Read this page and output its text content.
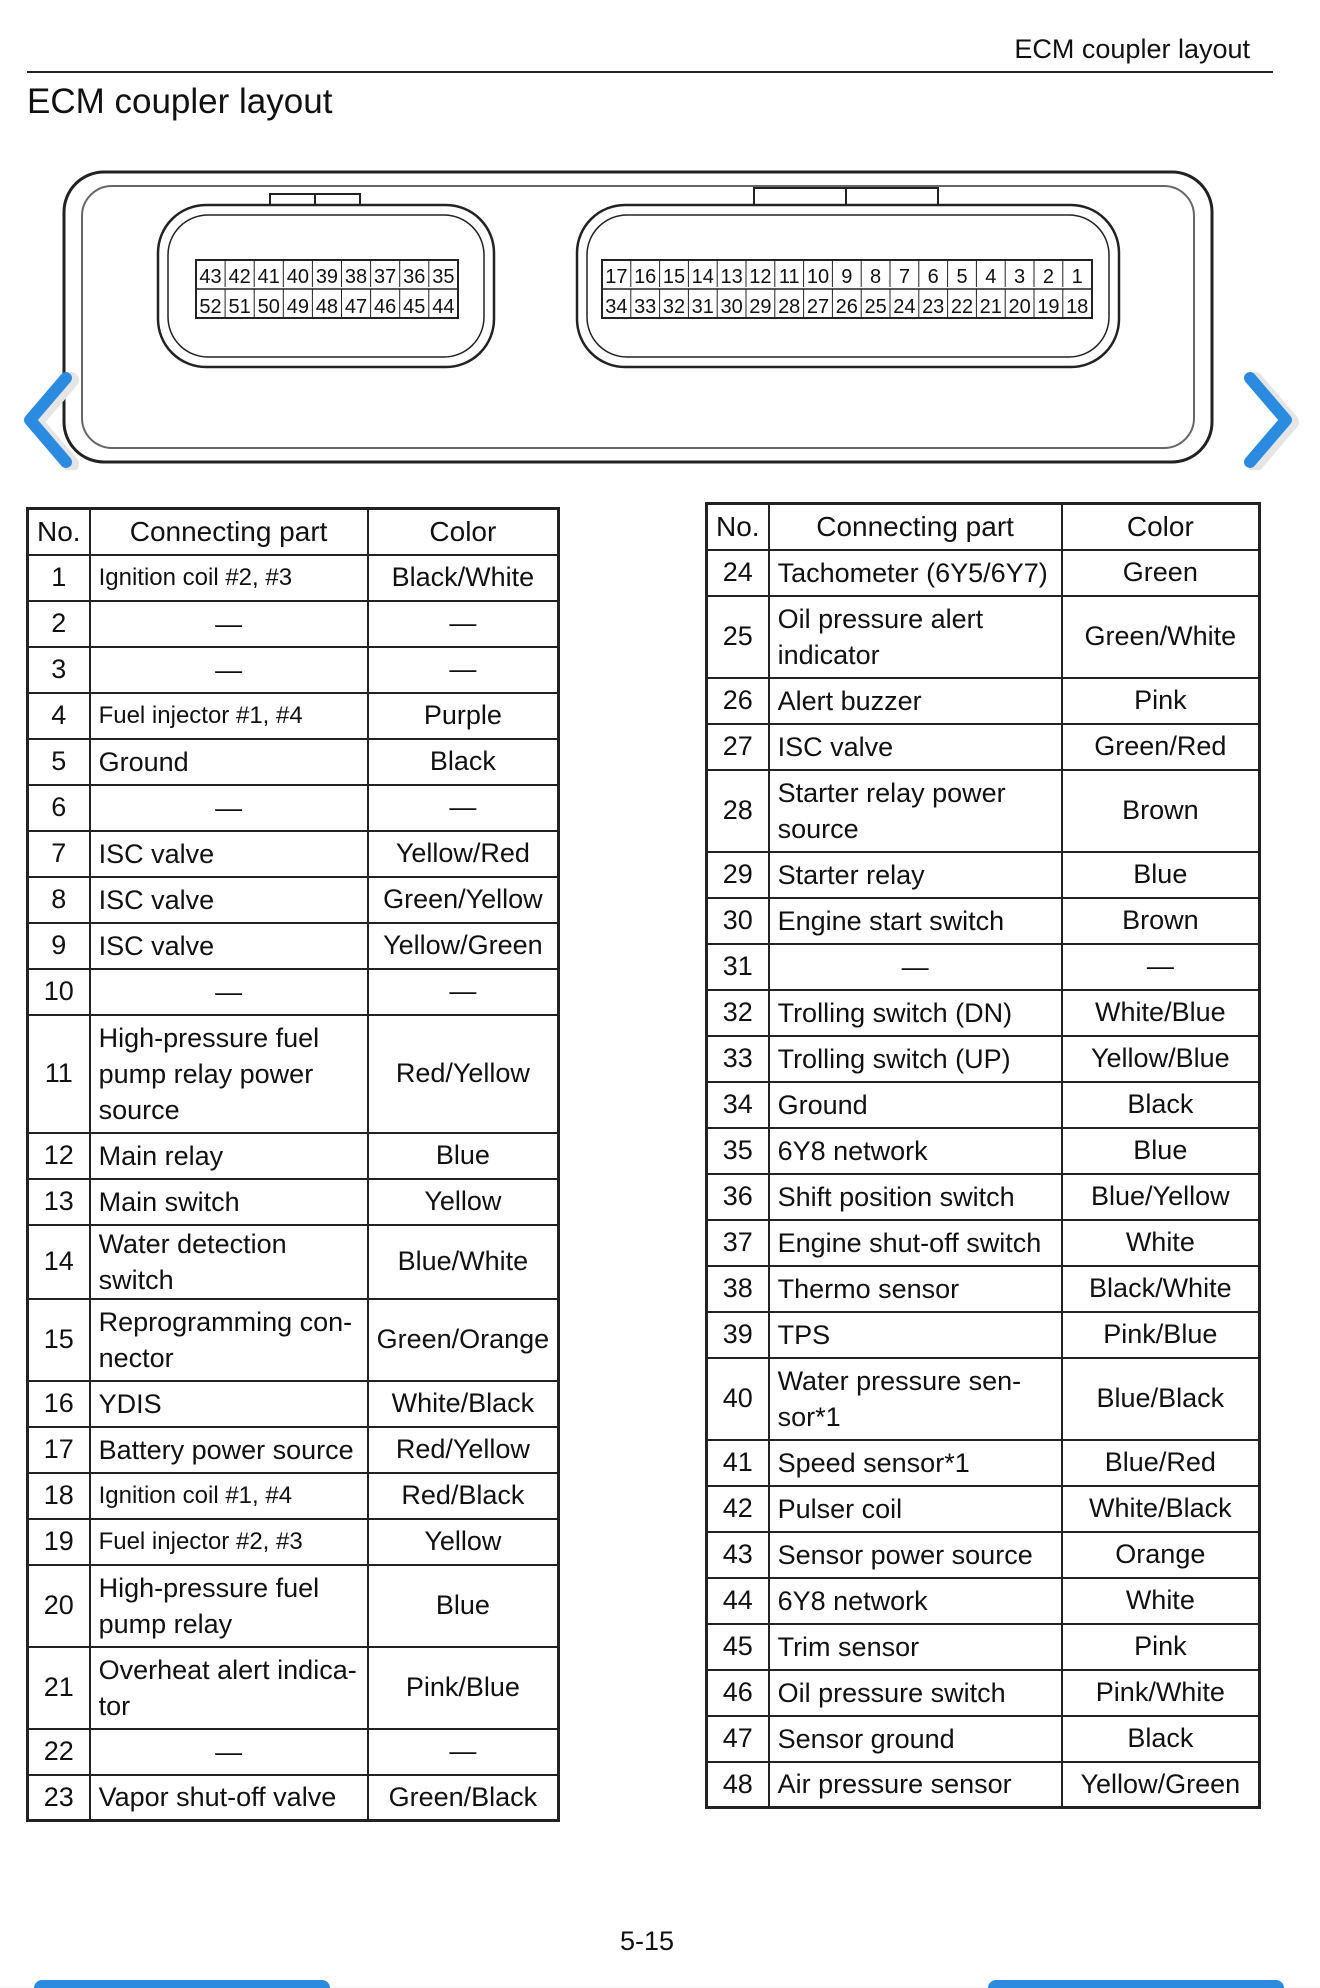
ECM coupler layout
ECM coupler layout
43 42 41 40 39 38 37 36 35
52 51 50 49 48 47 46 45 44
17 16 15 14 13 12 11 10 9 8 7 6 5 4 3 2 1
34 33 32 31 30 29 28 27 26 25 24 23 22 21 20 19 18
No.	Connecting part	Color
1	Ignition coil #2, #3	Black/White
2	—	—
3	—	—
4	Fuel injector #1, #4	Purple
5	Ground	Black
6	—	—
7	ISC valve	Yellow/Red
8	ISC valve	Green/Yellow
9	ISC valve	Yellow/Green
10	—	—
11	High-pressure fuel pump relay power source	Red/Yellow
12	Main relay	Blue
13	Main switch	Yellow
14	Water detection switch	Blue/White
15	Reprogramming con- nector	Green/Orange
16	YDIS	White/Black
17	Battery power source	Red/Yellow
18	Ignition coil #1, #4	Red/Black
19	Fuel injector #2, #3	Yellow
20	High-pressure fuel pump relay	Blue
21	Overheat alert indica- tor	Pink/Blue
22	—	—
23	Vapor shut-off valve	Green/Black
No.	Connecting part	Color
24	Tachometer (6Y5/6Y7)	Green
25	Oil pressure alert indicator	Green/White
26	Alert buzzer	Pink
27	ISC valve	Green/Red
28	Starter relay power source	Brown
29	Starter relay	Blue
30	Engine start switch	Brown
31	—	—
32	Trolling switch (DN)	White/Blue
33	Trolling switch (UP)	Yellow/Blue
34	Ground	Black
35	6Y8 network	Blue
36	Shift position switch	Blue/Yellow
37	Engine shut-off switch	White
38	Thermo sensor	Black/White
39	TPS	Pink/Blue
40	Water pressure sen- sor*1	Blue/Black
41	Speed sensor*1	Blue/Red
42	Pulser coil	White/Black
43	Sensor power source	Orange
44	6Y8 network	White
45	Trim sensor	Pink
46	Oil pressure switch	Pink/White
47	Sensor ground	Black
48	Air pressure sensor	Yellow/Green
5-15
